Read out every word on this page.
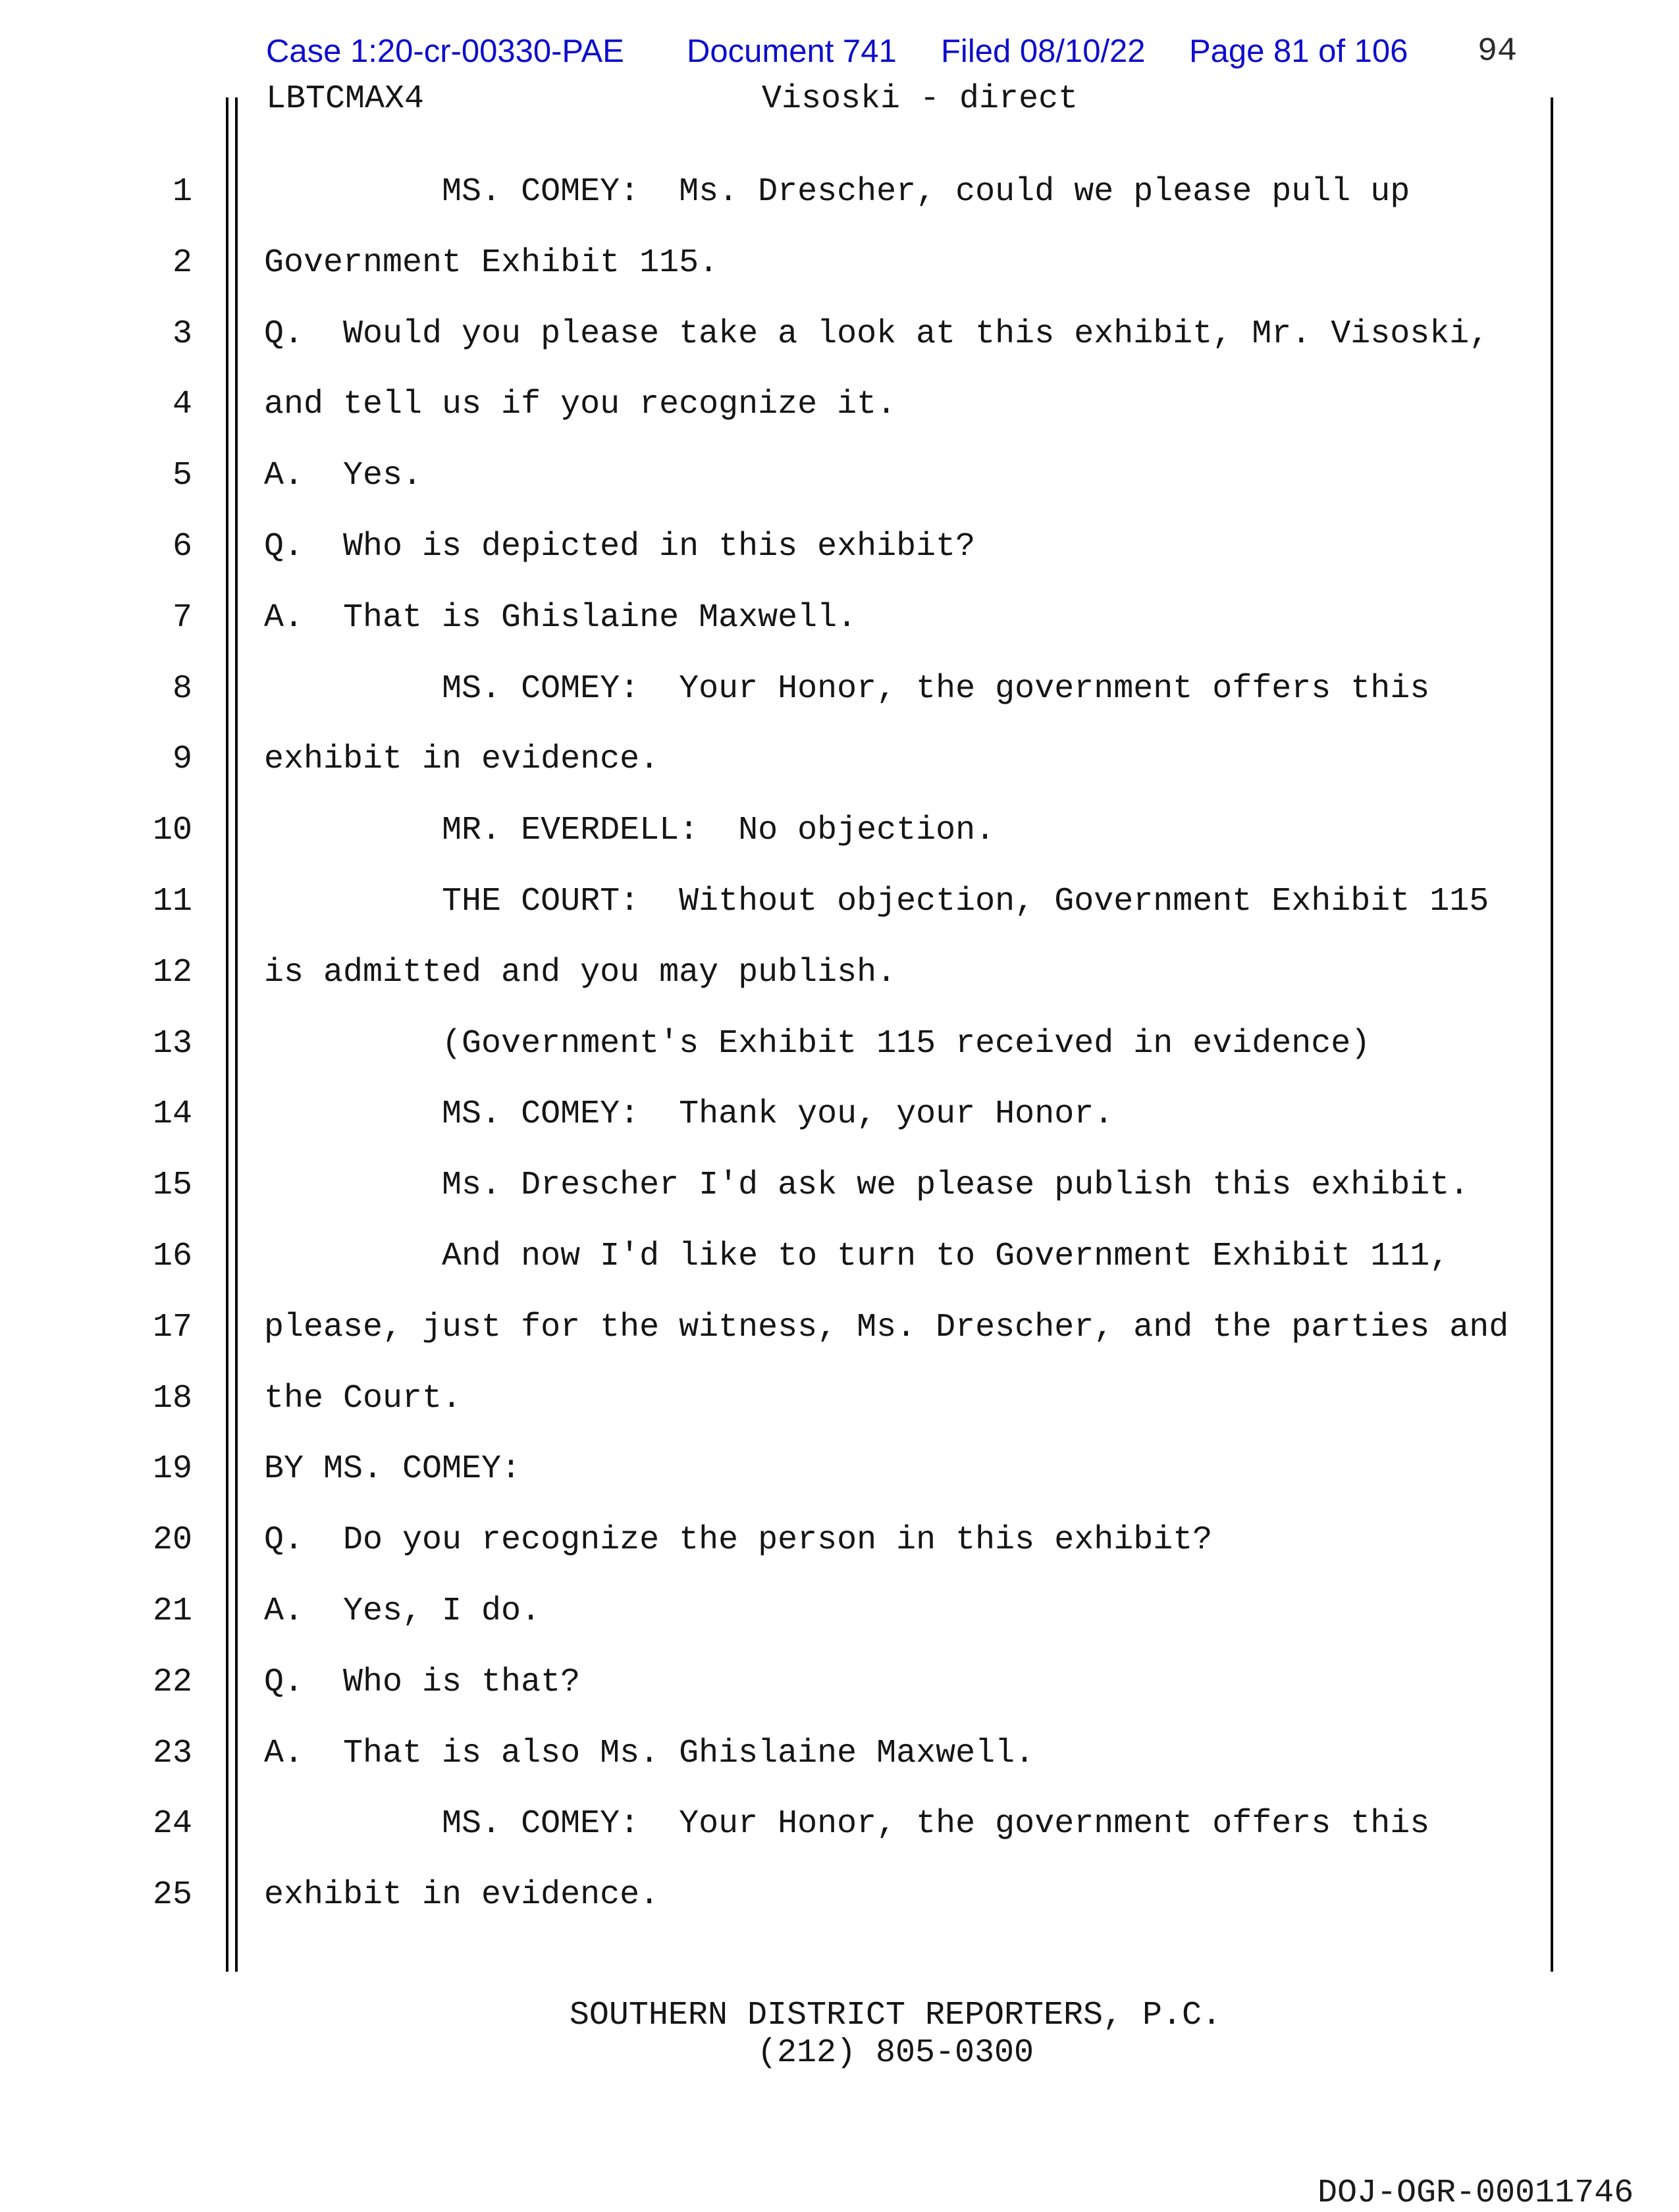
Case 1:20-cr-00330-PAE Document 741 Filed 08/10/22 Page 81 of 106 94
LBTCMAX4	Visoski - direct
1 MS. COMEY:  Ms. Drescher, could we please pull up
2 Government Exhibit 115.
3 Q.  Would you please take a look at this exhibit, Mr. Visoski,
4 and tell us if you recognize it.
5 A.  Yes.
6 Q.  Who is depicted in this exhibit?
7 A.  That is Ghislaine Maxwell.
8 MS. COMEY:  Your Honor, the government offers this
9 exhibit in evidence.
10 MR. EVERDELL:  No objection.
11 THE COURT:  Without objection, Government Exhibit 115
12 is admitted and you may publish.
13 (Government's Exhibit 115 received in evidence)
14 MS. COMEY:  Thank you, your Honor.
15 Ms. Drescher I'd ask we please publish this exhibit.
16 And now I'd like to turn to Government Exhibit 111,
17 please, just for the witness, Ms. Drescher, and the parties and
18 the Court.
19 BY MS. COMEY:
20 Q.  Do you recognize the person in this exhibit?
21 A.  Yes, I do.
22 Q.  Who is that?
23 A.  That is also Ms. Ghislaine Maxwell.
24 MS. COMEY:  Your Honor, the government offers this
25 exhibit in evidence.
SOUTHERN DISTRICT REPORTERS, P.C.
(212) 805-0300
DOJ-OGR-00011746
